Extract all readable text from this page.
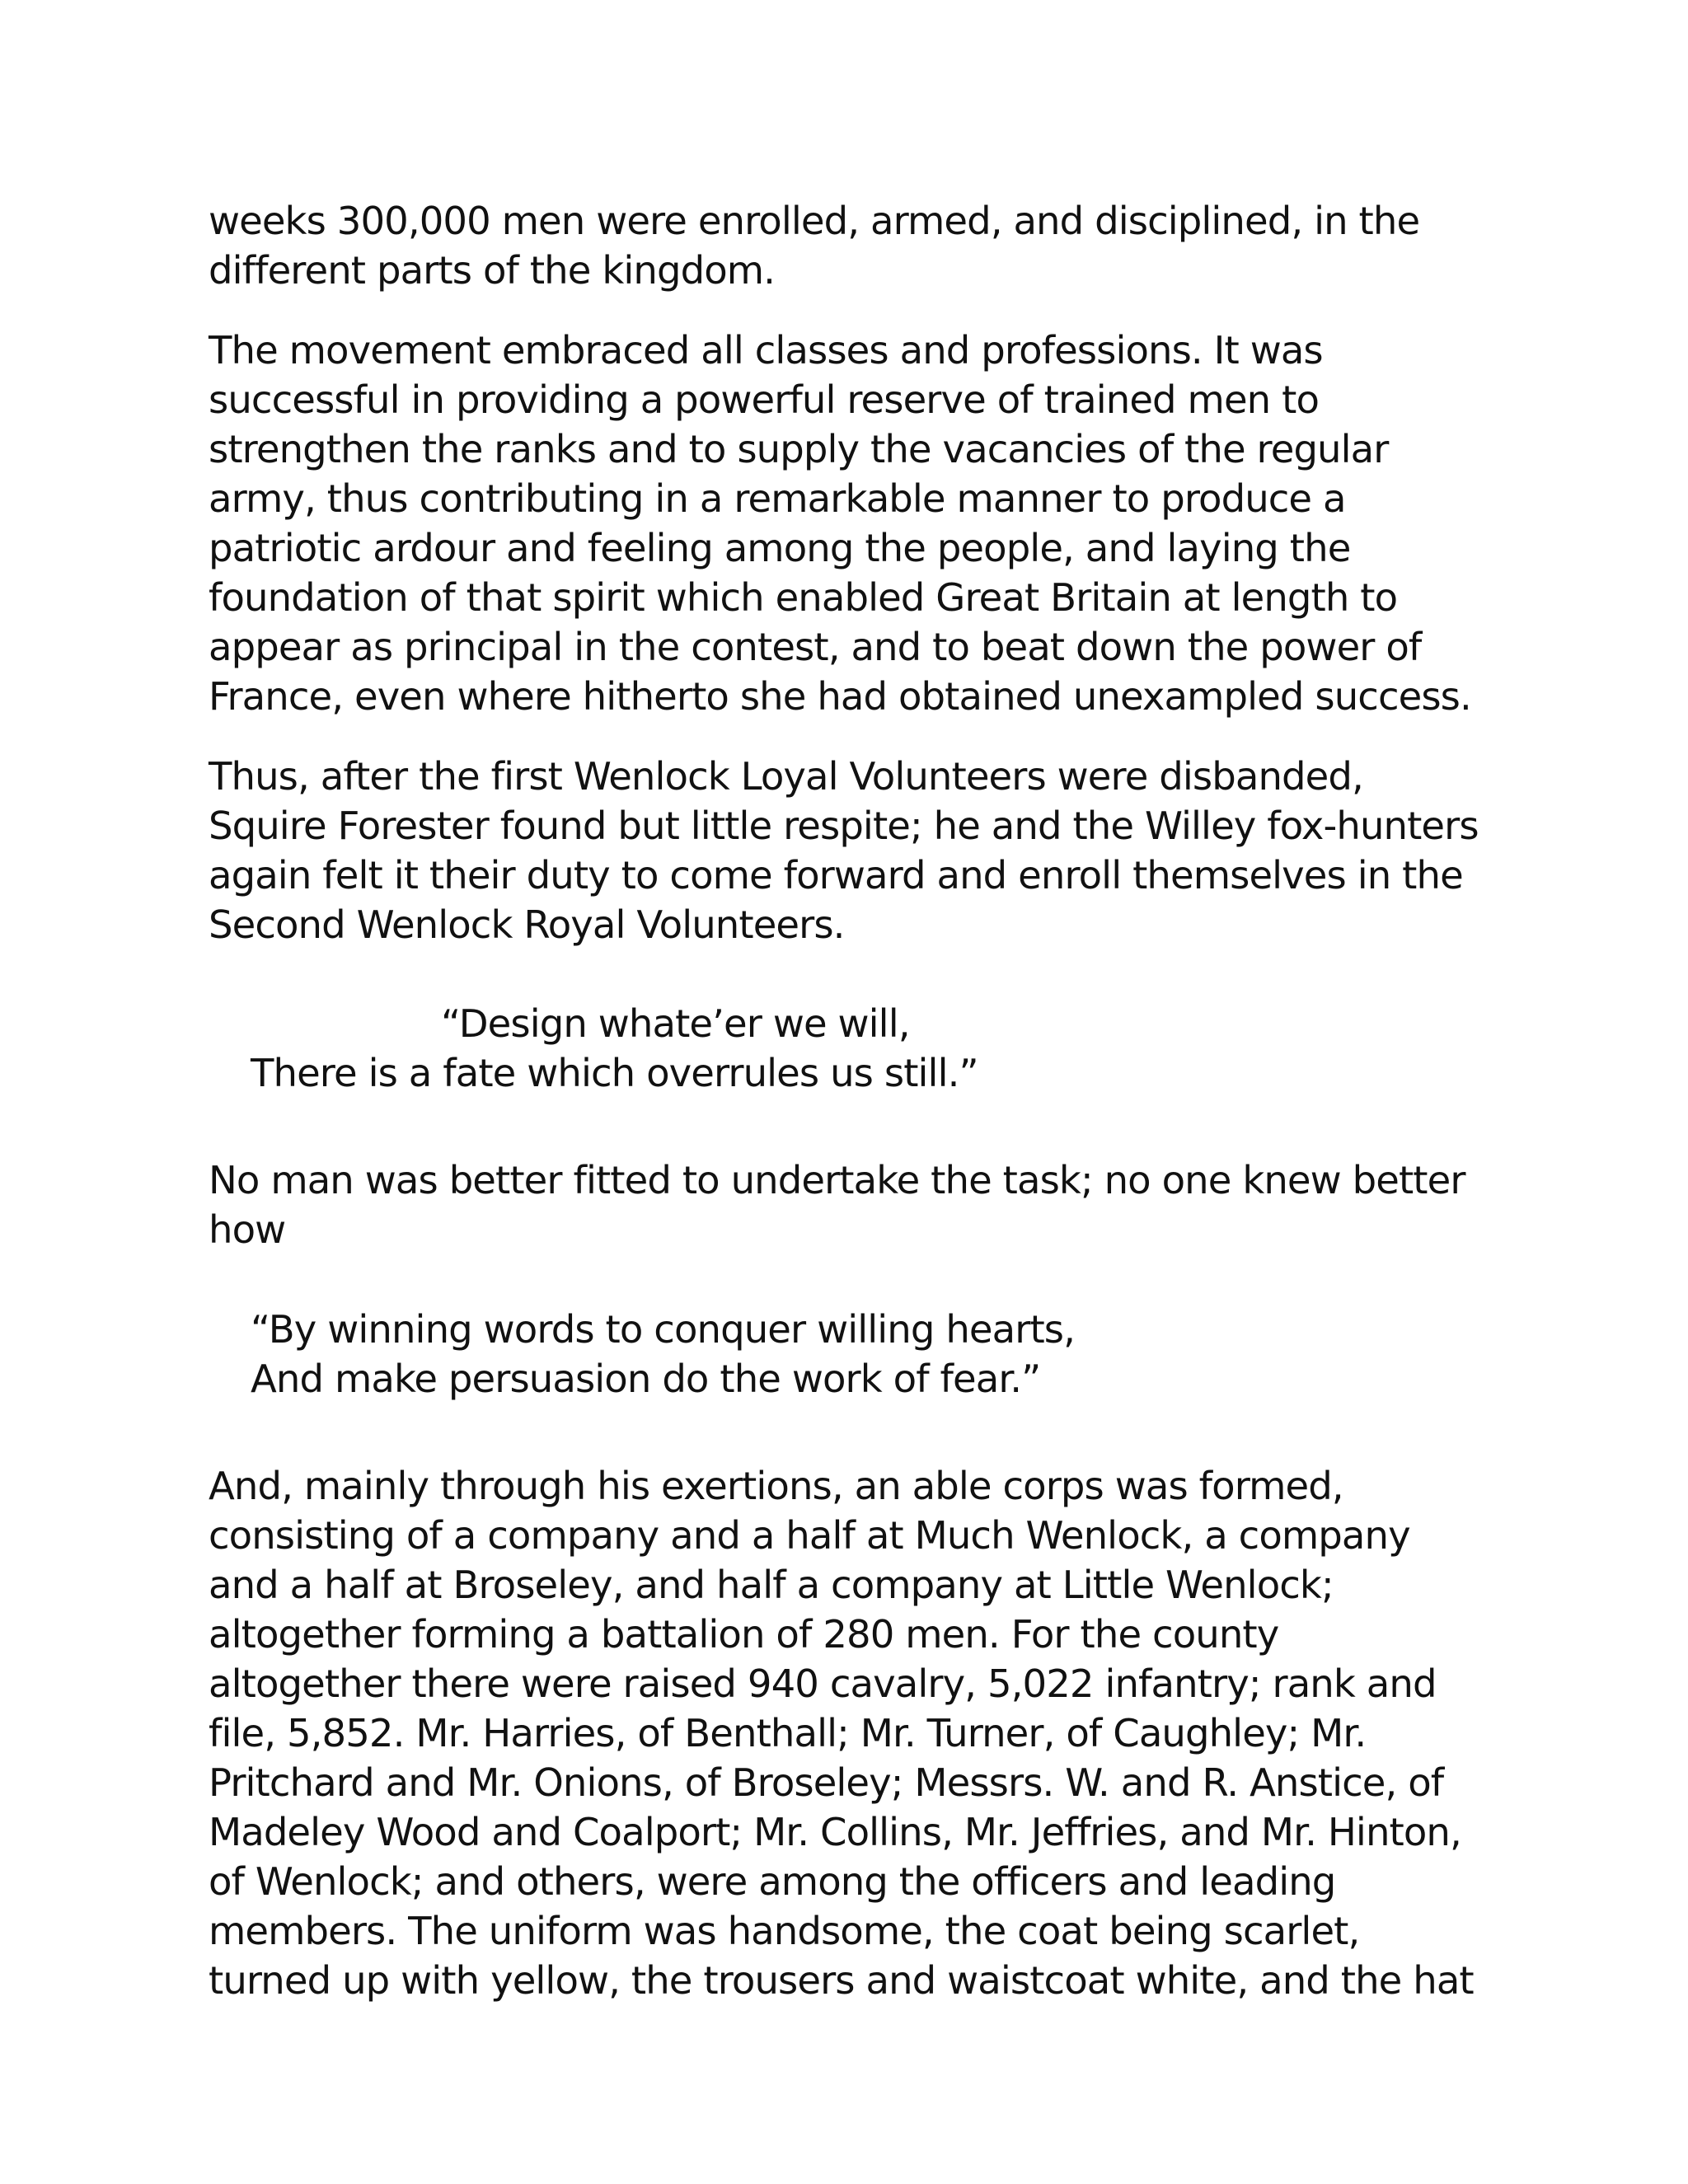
weeks 300,000 men were enrolled, armed, and disciplined, in the
different parts of the kingdom.
The movement embraced all classes and professions. It was
successful in providing a powerful reserve of trained men to
strengthen the ranks and to supply the vacancies of the regular
army, thus contributing in a remarkable manner to produce a
patriotic ardour and feeling among the people, and laying the
foundation of that spirit which enabled Great Britain at length to
appear as principal in the contest, and to beat down the power of
France, even where hitherto she had obtained unexampled success.
Thus, after the first Wenlock Loyal Volunteers were disbanded,
Squire Forester found but little respite; he and the Willey fox-hunters
again felt it their duty to come forward and enroll themselves in the
Second Wenlock Royal Volunteers.
“Design whate’er we will,
There is a fate which overrules us still.”
No man was better fitted to undertake the task; no one knew better
how
“By winning words to conquer willing hearts,
And make persuasion do the work of fear.”
And, mainly through his exertions, an able corps was formed,
consisting of a company and a half at Much Wenlock, a company
and a half at Broseley, and half a company at Little Wenlock;
altogether forming a battalion of 280 men. For the county
altogether there were raised 940 cavalry, 5,022 infantry; rank and
file, 5,852. Mr. Harries, of Benthall; Mr. Turner, of Caughley; Mr.
Pritchard and Mr. Onions, of Broseley; Messrs. W. and R. Anstice, of
Madeley Wood and Coalport; Mr. Collins, Mr. Jeffries, and Mr. Hinton,
of Wenlock; and others, were among the officers and leading
members. The uniform was handsome, the coat being scarlet,
turned up with yellow, the trousers and waistcoat white, and the hat
